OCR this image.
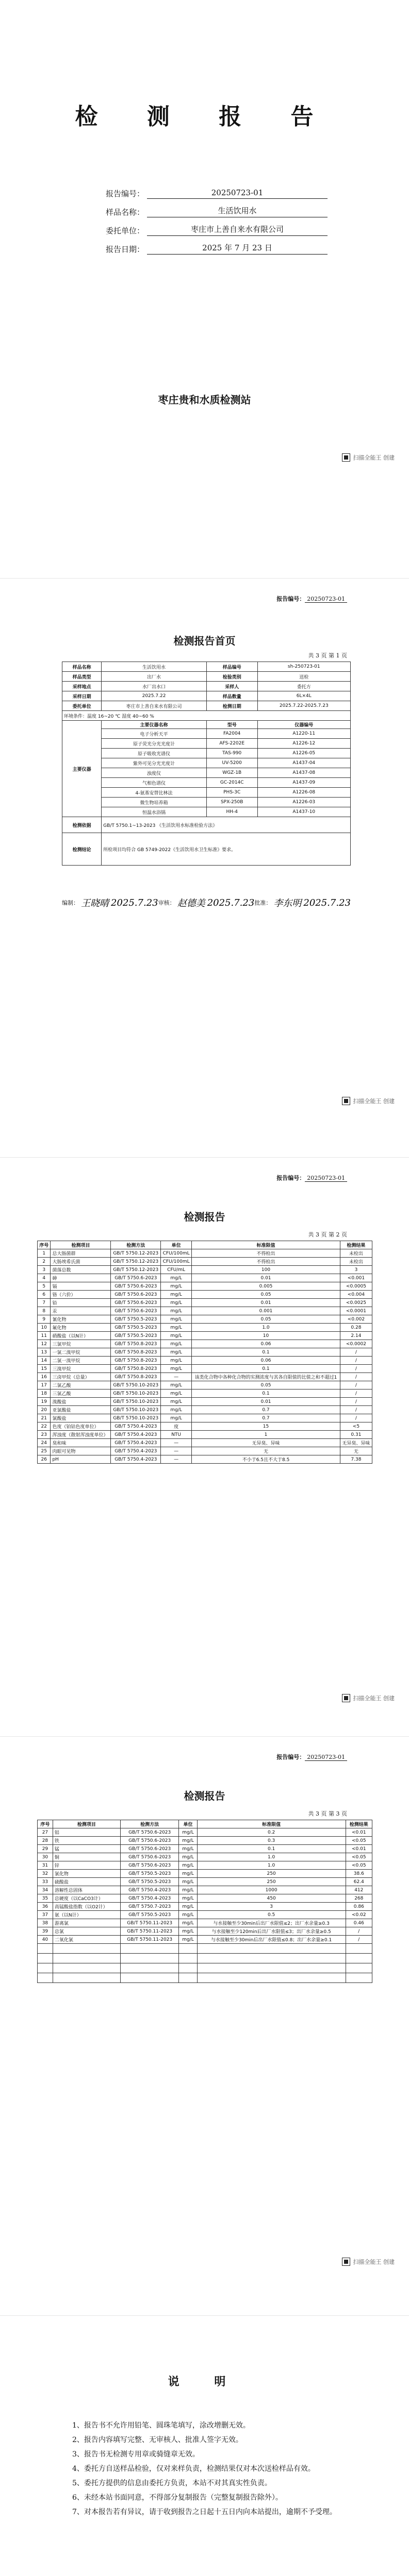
检 测 报 告
报告编号：	20250723-01
样品名称：	生活饮用水
委托单位：	枣庄市上善自来水有限公司
报告日期：	2025 年 7 月 23 日
枣庄贵和水质检测站
扫描全能王 创建
报告编号： 20250723-01
检测报告首页
共 3 页 第 1 页
样品名称	生活饮用水	样品编号	sh-250723-01
样品类型	出厂水	检验类别	送检
采样地点	水厂出水口	采样人	委托方
采样日期	2025.7.22	样品数量	6L×4L
委托单位	枣庄市上善自来水有限公司	检测日期	2025.7.22-2025.7.23
环境条件：温度 16~20 ℃ 湿度 40~60 %			
主要仪器	主要仪器名称	型号	仪器编号
	电子分析天平	FA2004	A1220-11
	原子荧光分光光度计	AFS-2202E	A1226-12
	原子吸收光谱仪	TAS-990	A1226-05
	紫外可见分光光度计	UV-5200	A1437-04
	浊度仪	WGZ-1B	A1437-08
	气相色谱仪	GC-2014C	A1437-09
	4-氨基安替比林法	PHS-3C	A1226-08
	微生物培养箱	SPX-250B	A1226-03
	恒温水浴锅	HH-4	A1437-10
检测依据	GB/T 5750.1~13-2023 《生活饮用水标准检验方法》		
检测结论	所检项目均符合 GB 5749-2022《生活饮用水卫生标准》要求。		
编制： 王晓晴 2025.7.23 审核： 赵德美 2025.7.23 批准： 李东明 2025.7.23
扫描全能王 创建
报告编号： 20250723-01
检测报告
共 3 页 第 2 页
序号	检测项目	检测方法	单位	标准限值	检测结果
1	总大肠菌群	GB/T 5750.12-2023	CFU/100mL	不得检出	未检出
2	大肠埃希氏菌	GB/T 5750.12-2023	CFU/100mL	不得检出	未检出
3	菌落总数	GB/T 5750.12-2023	CFU/mL	100	3
4	砷	GB/T 5750.6-2023	mg/L	0.01	<0.001
5	镉	GB/T 5750.6-2023	mg/L	0.005	<0.0005
6	铬（六价）	GB/T 5750.6-2023	mg/L	0.05	<0.004
7	铅	GB/T 5750.6-2023	mg/L	0.01	<0.0025
8	汞	GB/T 5750.6-2023	mg/L	0.001	<0.0001
9	氰化物	GB/T 5750.5-2023	mg/L	0.05	<0.002
10	氟化物	GB/T 5750.5-2023	mg/L	1.0	0.28
11	硝酸盐（以N计）	GB/T 5750.5-2023	mg/L	10	2.14
12	三氯甲烷	GB/T 5750.8-2023	mg/L	0.06	<0.0002
13	一氯二溴甲烷	GB/T 5750.8-2023	mg/L	0.1	/
14	二氯一溴甲烷	GB/T 5750.8-2023	mg/L	0.06	/
15	三溴甲烷	GB/T 5750.8-2023	mg/L	0.1	/
16	三卤甲烷（总量）	GB/T 5750.8-2023	—	该类化合物中各种化合物的实测浓度与其各自限值的比值之和不超过1	/
17	二氯乙酸	GB/T 5750.10-2023	mg/L	0.05	/
18	三氯乙酸	GB/T 5750.10-2023	mg/L	0.1	/
19	溴酸盐	GB/T 5750.10-2023	mg/L	0.01	/
20	亚氯酸盐	GB/T 5750.10-2023	mg/L	0.7	/
21	氯酸盐	GB/T 5750.10-2023	mg/L	0.7	/
22	色度（铂钴色度单位）	GB/T 5750.4-2023	度	15	<5
23	浑浊度（散射浑浊度单位）	GB/T 5750.4-2023	NTU	1	0.31
24	臭和味	GB/T 5750.4-2023	—	无异臭、异味	无异臭、异味
25	肉眼可见物	GB/T 5750.4-2023	—	无	无
26	pH	GB/T 5750.4-2023	—	不小于6.5且不大于8.5	7.38
扫描全能王 创建
报告编号： 20250723-01
检测报告
共 3 页 第 3 页
序号	检测项目	检测方法	单位	标准限值	检测结果
27	铝	GB/T 5750.6-2023	mg/L	0.2	<0.01
28	铁	GB/T 5750.6-2023	mg/L	0.3	<0.05
29	锰	GB/T 5750.6-2023	mg/L	0.1	<0.01
30	铜	GB/T 5750.6-2023	mg/L	1.0	<0.05
31	锌	GB/T 5750.6-2023	mg/L	1.0	<0.05
32	氯化物	GB/T 5750.5-2023	mg/L	250	38.6
33	硫酸盐	GB/T 5750.5-2023	mg/L	250	62.4
34	溶解性总固体	GB/T 5750.4-2023	mg/L	1000	412
35	总硬度（以CaCO3计）	GB/T 5750.4-2023	mg/L	450	268
36	高锰酸盐指数（以O2计）	GB/T 5750.7-2023	mg/L	3	0.86
37	氨（以N计）	GB/T 5750.5-2023	mg/L	0.5	<0.02
38	游离氯	GB/T 5750.11-2023	mg/L	与水接触至少30min后出厂水限值≤2；出厂水余量≥0.3	0.46
39	总氯	GB/T 5750.11-2023	mg/L	与水接触至少120min后出厂水限值≤3；出厂水余量≥0.5	/
40	二氧化氯	GB/T 5750.11-2023	mg/L	与水接触至少30min后出厂水限值≤0.8；出厂水余量≥0.1	/

扫描全能王 创建
说 明

1、报告书不允许用铅笔、圆珠笔填写，涂改增删无效。

2、报告内容填写完整、无审核人、批准人签字无效。

3、报告书无检测专用章或骑缝章无效。

4、委托方自送样品检验，仅对来样负责，检测结果仅对本次送检样品有效。

5、委托方提供的信息由委托方负责，本站不对其真实性负责。

6、未经本站书面同意，不得部分复制报告（完整复制报告除外）。

7、对本报告若有异议，请于收到报告之日起十五日内向本站提出，逾期不予受理。
